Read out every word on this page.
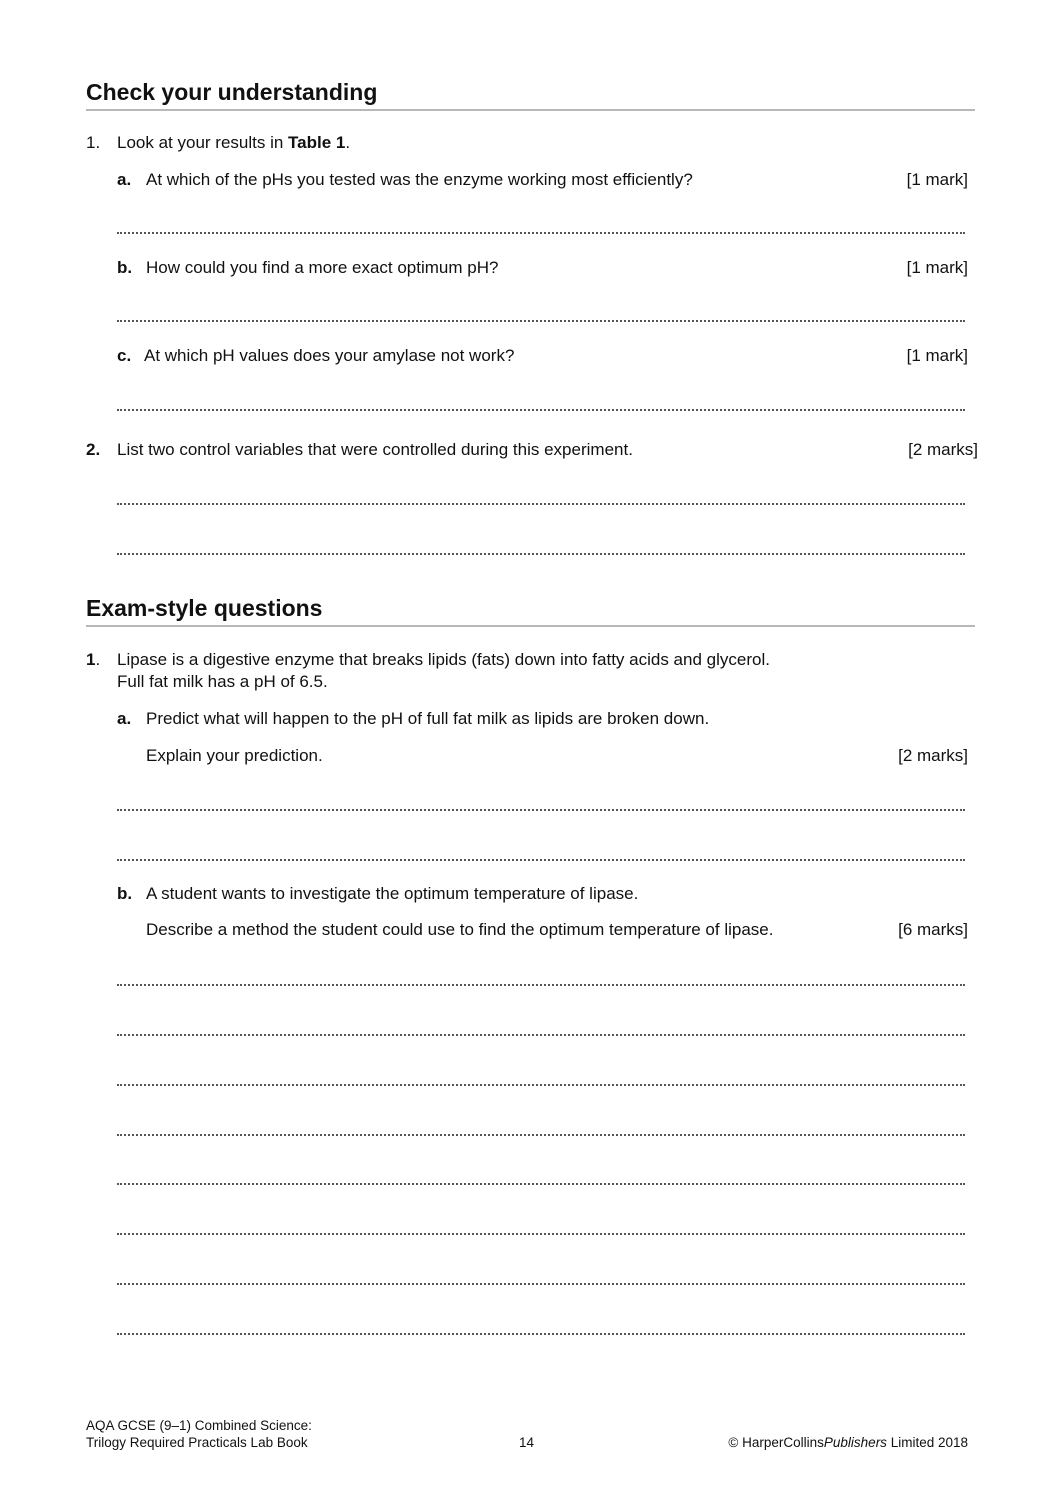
Check your understanding
1. Look at your results in Table 1.
a. At which of the pHs you tested was the enzyme working most efficiently?	[1 mark]
b. How could you find a more exact optimum pH?	[1 mark]
c. At which pH values does your amylase not work?	[1 mark]
2. List two control variables that were controlled during this experiment.	[2 marks]
Exam-style questions
1. Lipase is a digestive enzyme that breaks lipids (fats) down into fatty acids and glycerol.
Full fat milk has a pH of 6.5.
a. Predict what will happen to the pH of full fat milk as lipids are broken down.
Explain your prediction.	[2 marks]
b. A student wants to investigate the optimum temperature of lipase.
Describe a method the student could use to find the optimum temperature of lipase.	[6 marks]
AQA GCSE (9–1) Combined Science:
Trilogy Required Practicals Lab Book	14	© HarperCollinsPublishers Limited 2018
